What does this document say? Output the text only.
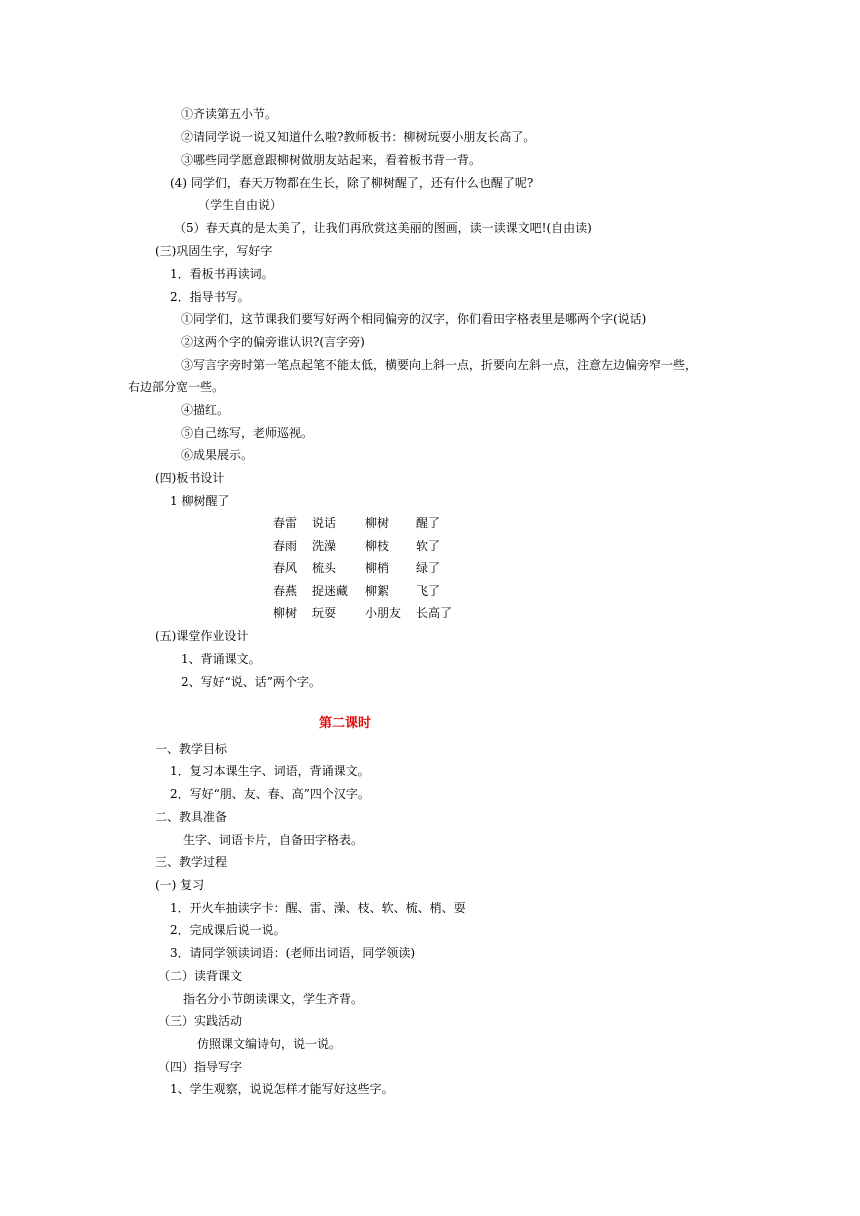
①齐读第五小节。
②请同学说一说又知道什么啦?教师板书：柳树玩耍小朋友长高了。
③哪些同学愿意跟柳树做朋友站起来，看着板书背一背。
(4) 同学们，春天万物都在生长，除了柳树醒了，还有什么也醒了呢?
（学生自由说）
（5）春天真的是太美了，让我们再欣赏这美丽的图画，读一读课文吧!(自由读)
(三)巩固生字，写好字
1．看板书再读词。
2．指导书写。
①同学们，这节课我们要写好两个相同偏旁的汉字，你们看田字格表里是哪两个字(说话)
②这两个字的偏旁谁认识?(言字旁)
③写言字旁时第一笔点起笔不能太低，横要向上斜一点，折要向左斜一点，注意左边偏旁窄一些，
右边部分宽一些。
④描红。
⑤自己练写，老师巡视。
⑥成果展示。
(四)板书设计
1 柳树醒了
春雷 说话 柳树 醒了
春雨 洗澡 柳枝 软了
春风 梳头 柳梢 绿了
春燕 捉迷藏 柳絮 飞了
柳树 玩耍 小朋友 长高了
(五)课堂作业设计
1、背诵课文。
2、写好“说、话”两个字。
第二课时
一、教学目标
1．复习本课生字、词语，背诵课文。
2．写好“朋、友、春、高”四个汉字。
二、教具准备
生字、词语卡片，自备田字格表。
三、教学过程
(一) 复习
1．开火车抽读字卡：醒、雷、澡、枝、软、梳、梢、耍
2．完成课后说一说。
3．请同学领读词语：(老师出词语，同学领读)
（二）读背课文
指名分小节朗读课文，学生齐背。
（三）实践活动
仿照课文编诗句，说一说。
（四）指导写字
1、学生观察，说说怎样才能写好这些字。
